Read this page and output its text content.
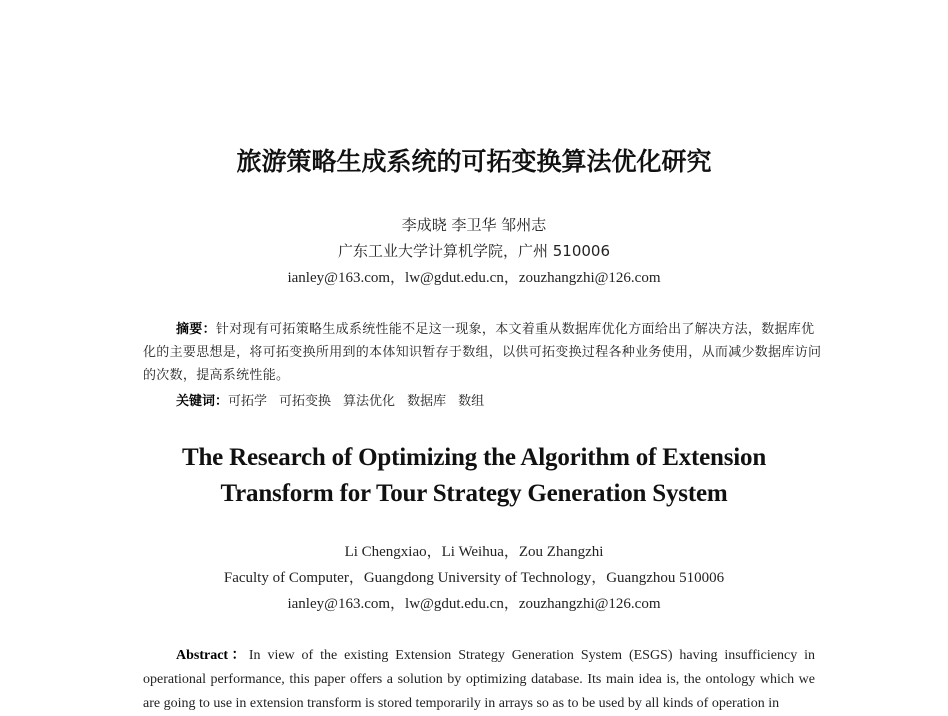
旅游策略生成系统的可拓变换算法优化研究
李成晓 李卫华 邹州志
广东工业大学计算机学院，广州 510006
ianley@163.com，lw@gdut.edu.cn，zouzhangzhi@126.com
摘要：针对现有可拓策略生成系统性能不足这一现象，本文着重从数据库优化方面给出了解决方法，数据库优化的主要思想是，将可拓变换所用到的本体知识暂存于数组，以供可拓变换过程各种业务使用，从而减少数据库访问的次数，提高系统性能。
关键词：可拓学 可拓变换 算法优化 数据库 数组
The Research of Optimizing the Algorithm of Extension
Transform for Tour Strategy Generation System
Li Chengxiao，Li Weihua，Zou Zhangzhi
Faculty of Computer，Guangdong University of Technology，Guangzhou 510006
ianley@163.com，lw@gdut.edu.cn，zouzhangzhi@126.com
Abstract：In view of the existing Extension Strategy Generation System (ESGS) having insufficiency in operational performance, this paper offers a solution by optimizing database. Its main idea is, the ontology which we are going to use in extension transform is stored temporarily in arrays so as to be used by all kinds of operation in
